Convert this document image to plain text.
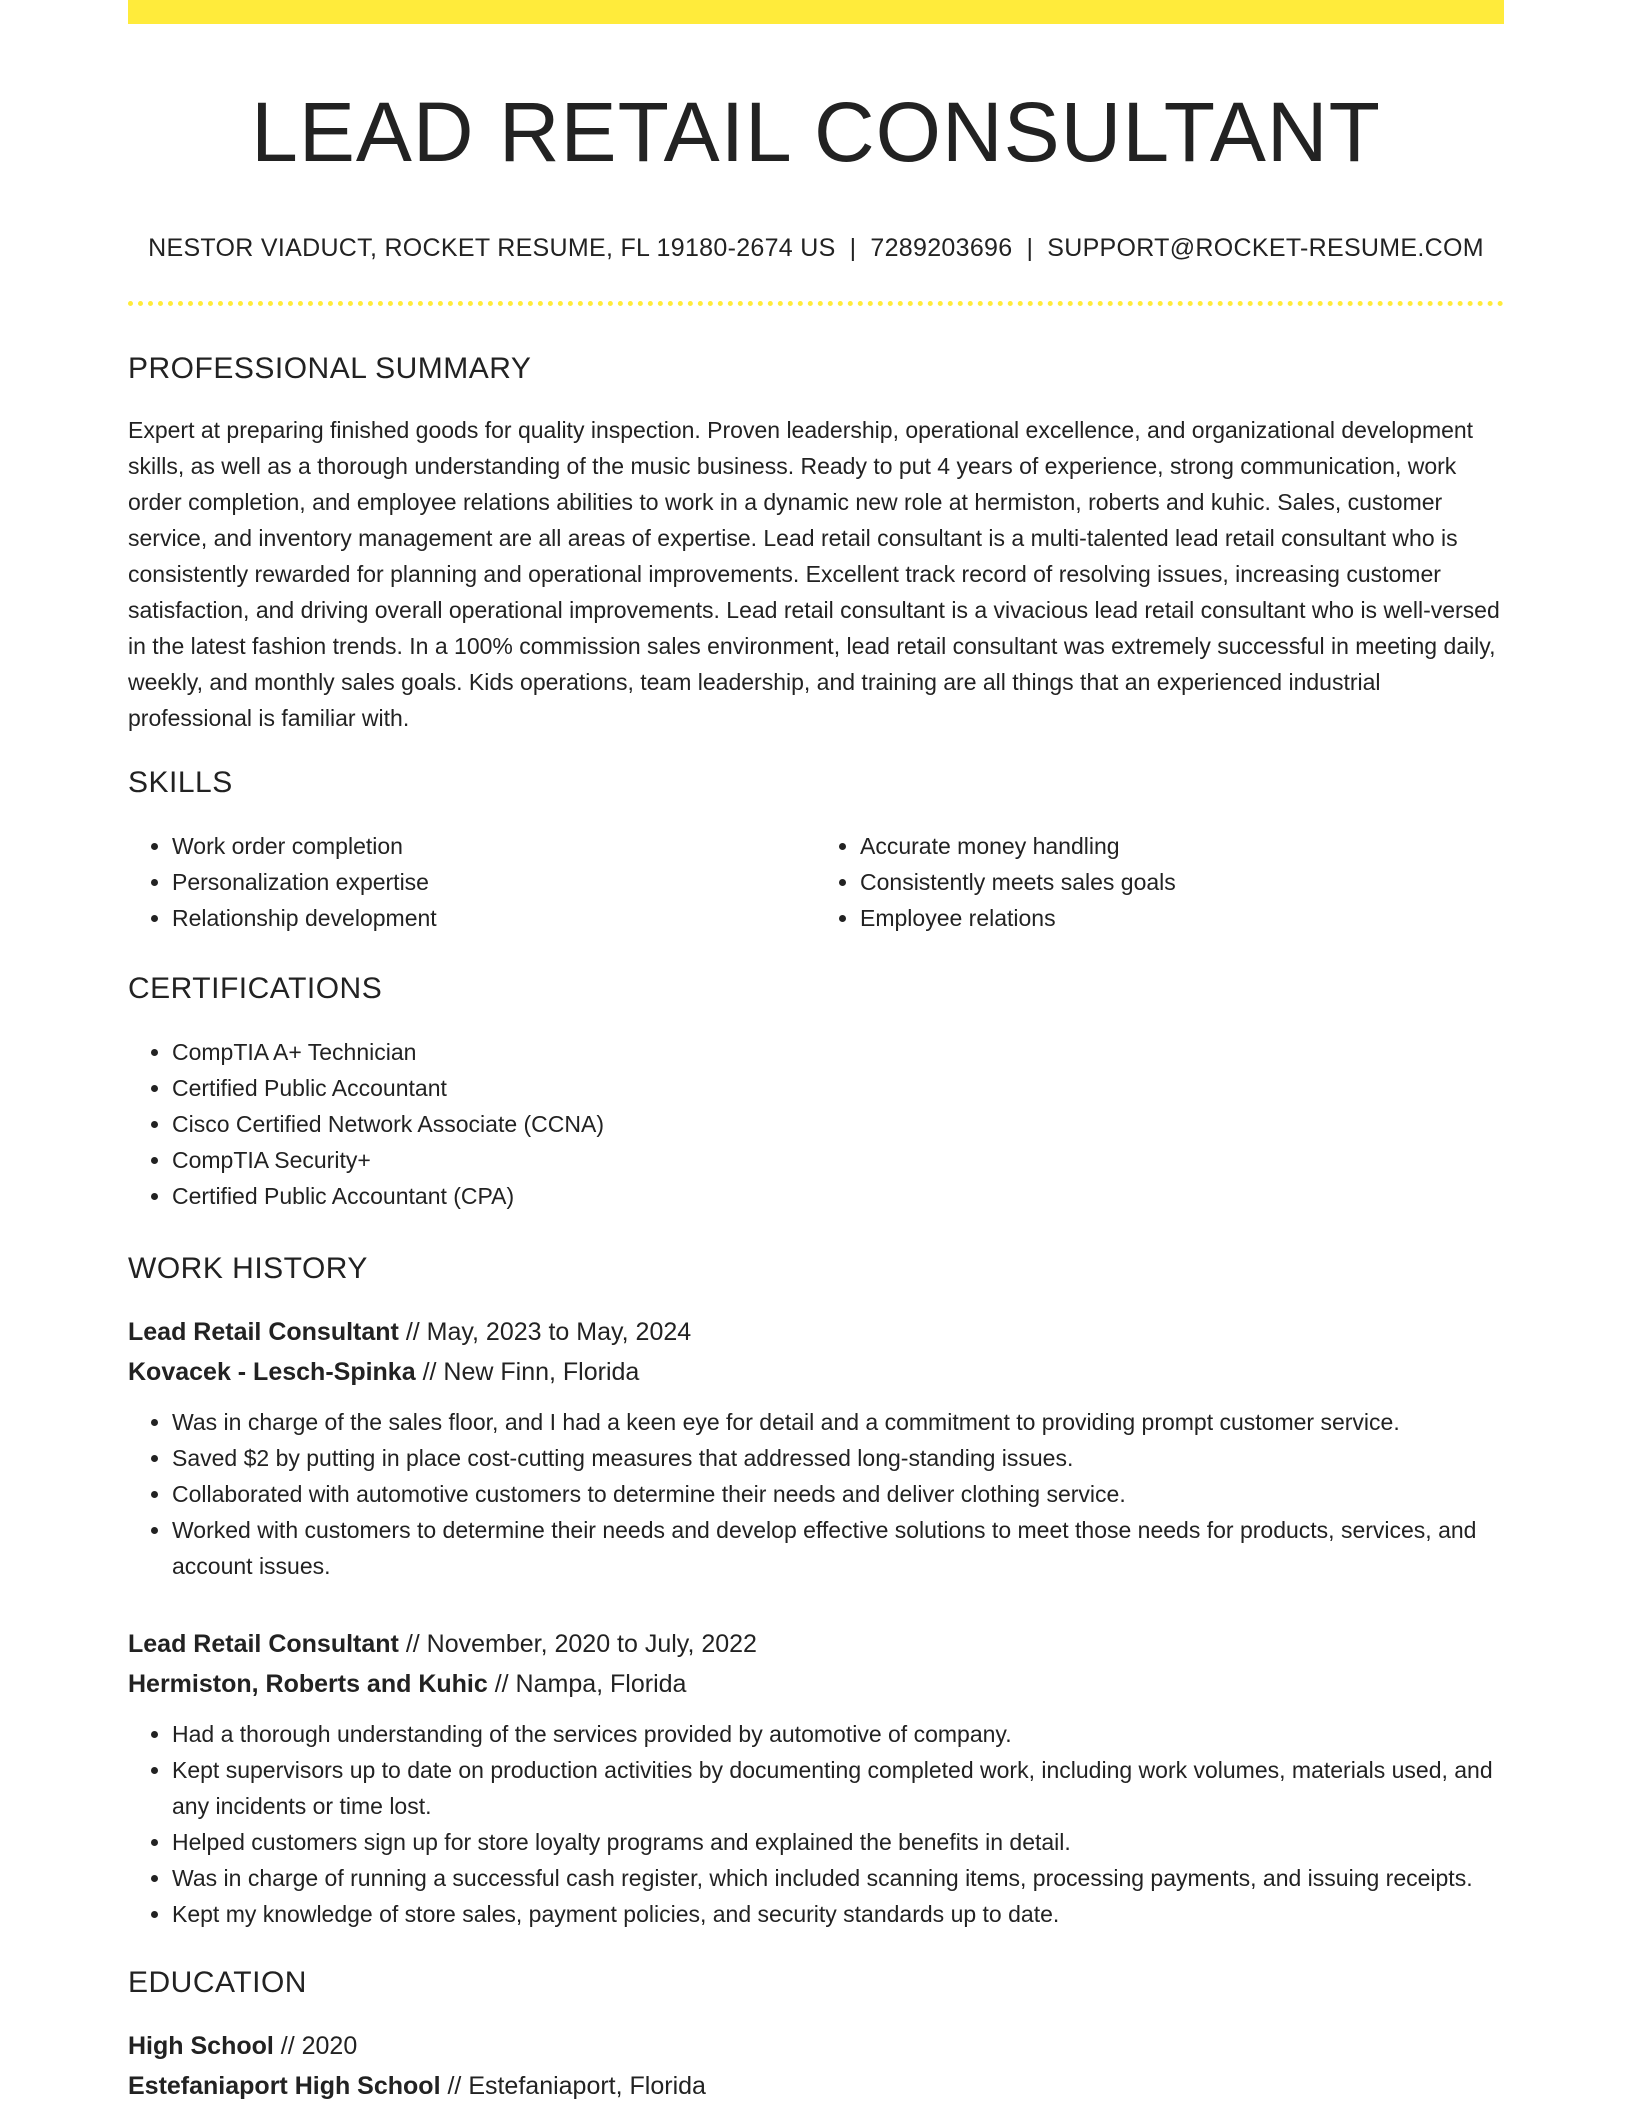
LEAD RETAIL CONSULTANT
NESTOR VIADUCT, ROCKET RESUME, FL 19180-2674 US | 7289203696 | SUPPORT@ROCKET-RESUME.COM
PROFESSIONAL SUMMARY

Expert at preparing finished goods for quality inspection. Proven leadership, operational excellence, and organizational development skills, as well as a thorough understanding of the music business. Ready to put 4 years of experience, strong communication, work order completion, and employee relations abilities to work in a dynamic new role at hermiston, roberts and kuhic. Sales, customer service, and inventory management are all areas of expertise. Lead retail consultant is a multi-talented lead retail consultant who is consistently rewarded for planning and operational improvements. Excellent track record of resolving issues, increasing customer satisfaction, and driving overall operational improvements. Lead retail consultant is a vivacious lead retail consultant who is well-versed in the latest fashion trends. In a 100% commission sales environment, lead retail consultant was extremely successful in meeting daily, weekly, and monthly sales goals. Kids operations, team leadership, and training are all things that an experienced industrial professional is familiar with.

SKILLS
• Work order completion
• Personalization expertise
• Relationship development
• Accurate money handling
• Consistently meets sales goals
• Employee relations
CERTIFICATIONS
• CompTIA A+ Technician
• Certified Public Accountant
• Cisco Certified Network Associate (CCNA)
• CompTIA Security+
• Certified Public Accountant (CPA)
WORK HISTORY
Lead Retail Consultant // May, 2023 to May, 2024
Kovacek - Lesch-Spinka // New Finn, Florida
• Was in charge of the sales floor, and I had a keen eye for detail and a commitment to providing prompt customer service.
• Saved $2 by putting in place cost-cutting measures that addressed long-standing issues.
• Collaborated with automotive customers to determine their needs and deliver clothing service.
• Worked with customers to determine their needs and develop effective solutions to meet those needs for products, services, and account issues.
Lead Retail Consultant // November, 2020 to July, 2022
Hermiston, Roberts and Kuhic // Nampa, Florida
• Had a thorough understanding of the services provided by automotive of company.
• Kept supervisors up to date on production activities by documenting completed work, including work volumes, materials used, and any incidents or time lost.
• Helped customers sign up for store loyalty programs and explained the benefits in detail.
• Was in charge of running a successful cash register, which included scanning items, processing payments, and issuing receipts.
• Kept my knowledge of store sales, payment policies, and security standards up to date.
EDUCATION
High School // 2020
Estefaniaport High School // Estefaniaport, Florida
